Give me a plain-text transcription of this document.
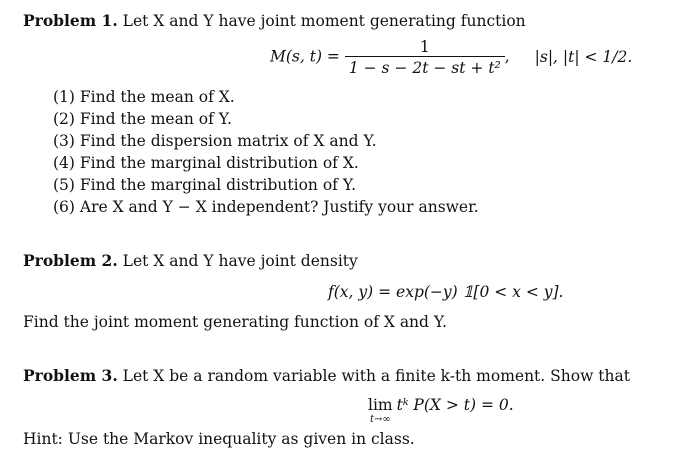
Problem 1. Let X and Y have joint moment generating function
M(s, $t) = \frac{1}{\text{1 − s − 2t − st + t²}}$ , |s|, |t| < 1/2.
(1) Find the mean of X.
(2) Find the mean of Y.
(3) Find the dispersion matrix of X and Y.
(4) Find the marginal distribution of X.
(5) Find the marginal distribution of Y.
(6) Are X and Y − X independent? Justify your answer.
Problem 2. Let X and Y have joint density
f(x, y) = exp(−y) 𝟙[0 < x < y].
Find the joint moment generating function of X and Y.
Problem 3. Let X be a random variable with a finite k-th moment. Show that
lim
t→∞
tᵏ P(X > t) = 0.
Hint: Use the Markov inequality as given in class.
